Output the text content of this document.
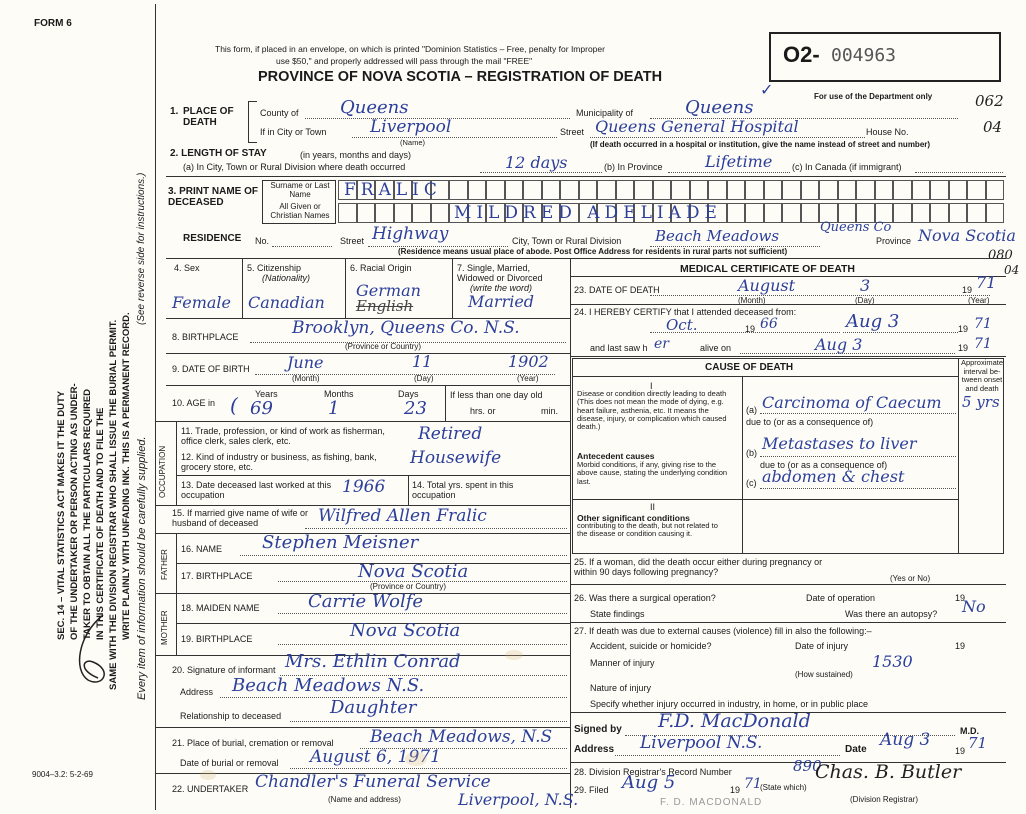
FORM 6
9004–3.2: 5-2-69
SEC. 14 – VITAL STATISTICS ACT MAKES IT THE DUTY OF THE UNDERTAKER OR PERSON ACTING AS UNDER- TAKER TO OBTAIN ALL THE PARTICULARS REQUIRED IN THIS CERTIFICATE OF DEATH AND TO FILE THE SAME WITH THE DIVISION REGISTRAR WHO SHALL ISSUE THE BURIAL PERMIT. WRITE PLAINLY WITH UNFADING INK. THIS IS A PERMANENT RECORD.
(See reverse side for instructions.)
Every item of information should be carefully supplied.
This form, if placed in an envelope, on which is printed "Dominion Statistics – Free, penalty for Improper
use $50," and properly addressed will pass through the mail "FREE"
PROVINCE OF NOVA SCOTIA – REGISTRATION OF DEATH
O2- 004963
For use of the Department only	062
04
080
04
✓
1. PLACE OF DEATH
County of Queens	Municipality of	Queens
If in City or Town	Liverpool
(Name)
Street Queens General Hospital	House No.
(If death occurred in a hospital or institution, give the name instead of street and number)
2. LENGTH OF STAY	(in years, months and days)
(a) In City, Town or Rural Division where death occurred	12 days	(b) In Province	Lifetime (c) In Canada (if immigrant)
3. PRINT NAME OF DECEASED
Surname or Last Name
All Given or Christian Names
FRALIC
MILDRED ADELIADE
RESIDENCE No.	Street Highway	City, Town or Rural Division Beach Meadows	Queens Co
Province Nova Scotia
(Residence means usual place of abode. Post Office Address for residents in rural parts not sufficient)
4. Sex
Female
5. Citizenship
(Nationality)
Canadian
6. Racial Origin
German
English
7. Single, Married, Widowed or Divorced
(write the word)
Married
8. BIRTHPLACE	Brooklyn, Queens Co. N.S.
(Province or Country)
9. DATE OF BIRTH June	11	1902
(Month)	(Day)	(Year)
10. AGE in
Years	Months	Days
( 69	1	23
If less than one day old
hrs. or	min.
OCCUPATION
11. Trade, profession, or kind of work as fisherman, office clerk, sales clerk, etc.	Retired
12. Kind of industry or business, as fishing, bank, grocery store, etc.	Housewife
13. Date deceased last worked at this occupation	1966	14. Total yrs. spent in this occupation
15. If married give name of wife or husband of deceased	Wilfred Allen Fralic
FATHER
16. NAME Stephen Meisner
17. BIRTHPLACE	Nova Scotia
(Province or Country)
MOTHER
18. MAIDEN NAME	Carrie Wolfe
19. BIRTHPLACE	Nova Scotia
20. Signature of informant Mrs. Ethlin Conrad
Address Beach Meadows N.S.
Relationship to deceased	Daughter
21. Place of burial, cremation or removal Beach Meadows, N.S
Date of burial or removal August 6, 1971
22. UNDERTAKER Chandler's Funeral Service
(Name and address)	Liverpool, N.S.
MEDICAL CERTIFICATE OF DEATH
23. DATE OF DEATH	August	3	19 71
(Month)	(Day)	(Year)
24. I HEREBY CERTIFY that I attended deceased from:
Oct.	19 66	Aug 3	19 71
and last saw h er	alive on	Aug 3	19 71
CAUSE OF DEATH	Approximate interval be-tween onset and death
I
Disease or condition directly leading to death (This does not mean the mode of dying, e.g. heart failure, asthenia, etc. It means the disease, injury, or complication which caused death.)
(a) Carcinoma of Caecum 5 yrs
due to (or as a consequence of)
Antecedent causes
Morbid conditions, if any, giving rise to the above cause, stating the underlying condition last.
(b) Metastases to liver
due to (or as a consequence of)
(c) abdomen & chest
II
Other significant conditions
contributing to the death, but not related to the disease or condition causing it.
25. If a woman, did the death occur either during pregnancy or within 90 days following pregnancy?
(Yes or No)
26. Was there a surgical operation?	Date of operation	19
State findings	Was there an autopsy? No
27. If death was due to external causes (violence) fill in also the following:–
Accident, suicide or homicide?	Date of injury	19
1530
Manner of injury
(How sustained)
Nature of injury
Specify whether injury occurred in industry, in home, or in public place
Signed by F.D. MacDonald	M.D.
Address Liverpool N.S.	Date Aug 3
19 71
28. Division Registrar's Record Number	890
29. Filed Aug 5	19 71
Chas. B. Butler
(Division Registrar)
(State which)
F. D. MACDONALD
